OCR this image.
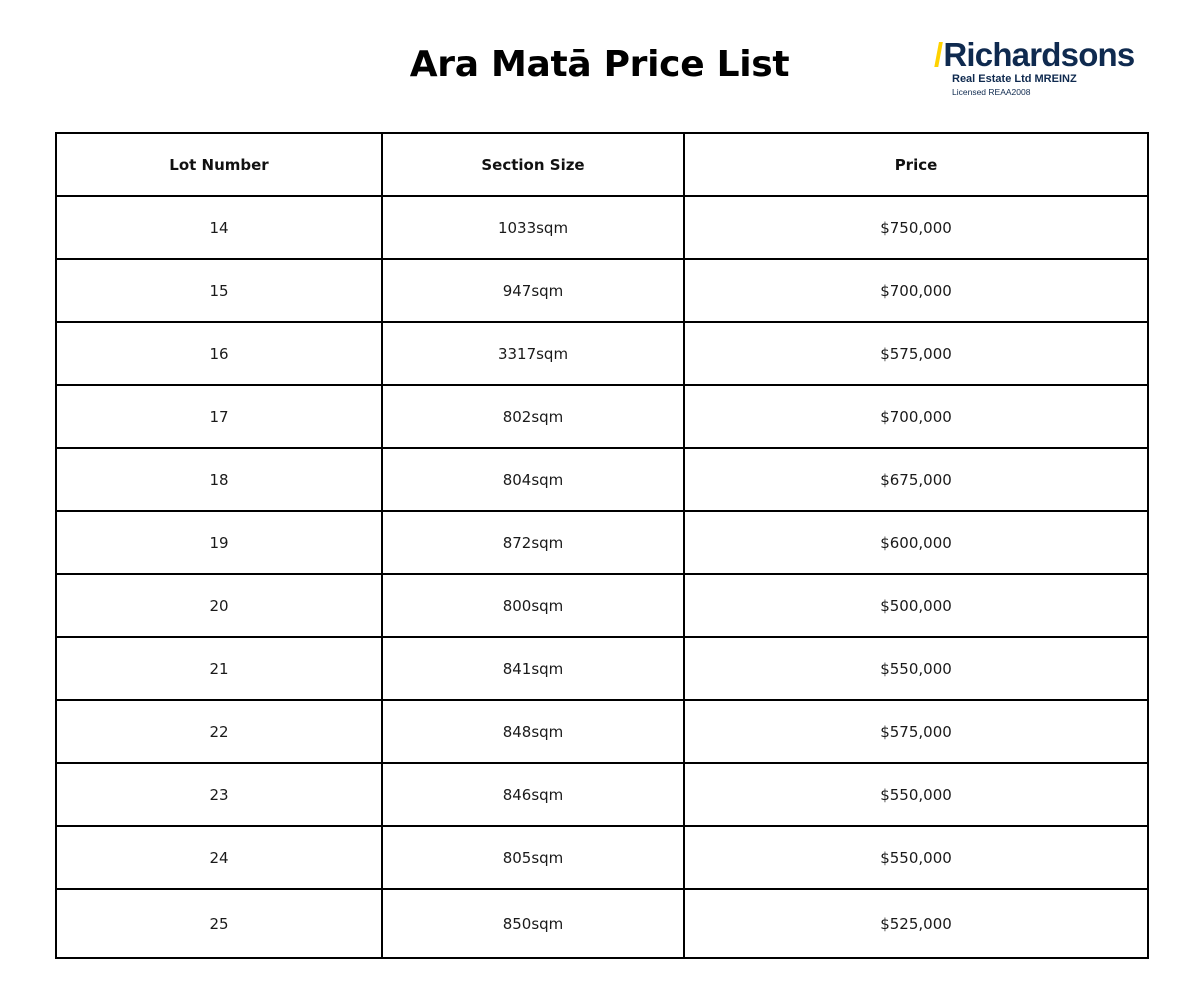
Ara Matā Price List	/Richardsons
Real Estate Ltd MREINZ
Licensed REAA2008
Lot Number	Section Size	Price
14	1033sqm	$750,000
15	947sqm	$700,000
16	3317sqm	$575,000
17	802sqm	$700,000
18	804sqm	$675,000
19	872sqm	$600,000
20	800sqm	$500,000
21	841sqm	$550,000
22	848sqm	$575,000
23	846sqm	$550,000
24	805sqm	$550,000
25	850sqm	$525,000
